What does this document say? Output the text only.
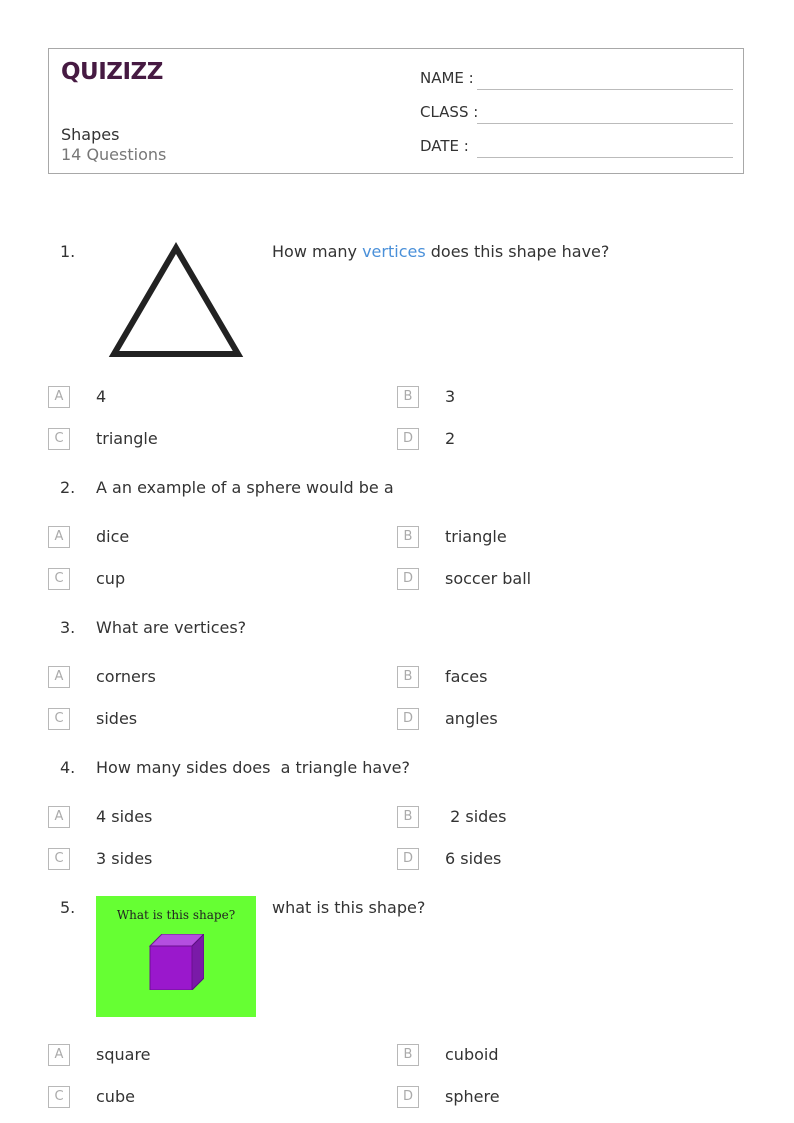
QUIZIZZ
Shapes
14 Questions
NAME :
CLASS :
DATE :
1.	How many vertices does this shape have?
A	4	B	3
C	triangle	D	2
2. A an example of a sphere would be a
A	dice	B	triangle
C	cup	D	soccer ball
3. What are vertices?
A	corners	B	faces
C	sides	D	angles
4. How many sides does  a triangle have?
A	4 sides	B	2 sides
C	3 sides	D	6 sides
5.	What is this shape?	what is this shape?
A	square	B	cuboid
C	cube	D	sphere
